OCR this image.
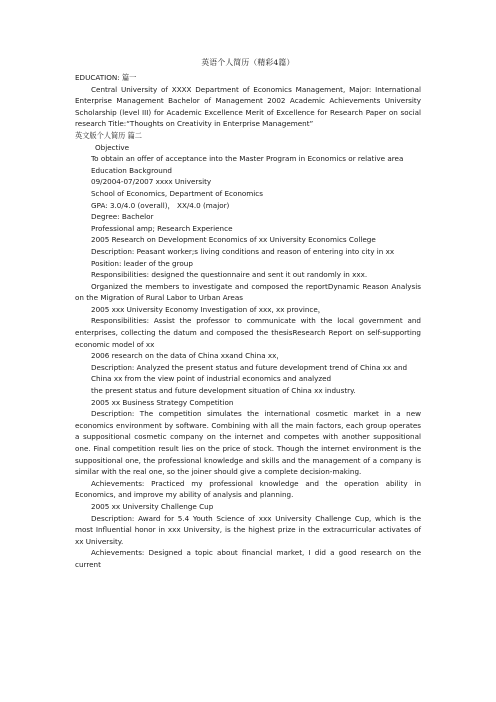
英语个人简历（精彩4篇）

EDUCATION: 篇一

Central University of XXXX Department of Economics Management, Major: International Enterprise Management Bachelor of Management 2002 Academic Achievements University Scholarship (level III) for Academic Excellence Merit of Excellence for Research Paper on social research Title:“Thoughts on Creativity in Enterprise Management”

英文版个人简历 篇二

Objective

To obtain an offer of acceptance into the Master Program in Economics or relative area

Education Background

09/2004-07/2007 xxxx University

School of Economics, Department of Economics

GPA: 3.0/4.0 (overall)， XX/4.0 (major)

Degree: Bachelor

Professional amp; Research Experience

2005 Research on Development Economics of xx University Economics College

Description: Peasant worker;s living conditions and reason of entering into city in xx

Position: leader of the group

Responsibilities: designed the questionnaire and sent it out randomly in xxx.

Organized the members to investigate and composed the reportDynamic Reason Analysis on the Migration of Rural Labor to Urban Areas

2005 xxx University Economy Investigation of xxx, xx province，

Responsibilities: Assist the professor to communicate with the local government and enterprises, collecting the datum and composed the thesisResearch Report on self-supporting economic model of xx

2006 research on the data of China xxand China xx，

Description: Analyzed the present status and future development trend of China xx and

China xx from the view point of industrial economics and analyzed

the present status and future development situation of China xx industry.

2005 xx Business Strategy Competition

Description: The competition simulates the international cosmetic market in a new economics environment by software. Combining with all the main factors, each group operates a suppositional cosmetic company on the internet and competes with another suppositional one. Final competition result lies on the price of stock. Though the internet environment is the suppositional one, the professional knowledge and skills and the management of a company is similar with the real one, so the joiner should give a complete decision-making.

Achievements: Practiced my professional knowledge and the operation ability in Economics, and improve my ability of analysis and planning.

2005 xx University Challenge Cup

Description: Award for 5.4 Youth Science of xxx University Challenge Cup, which is the most Influential honor in xxx University, is the highest prize in the extracurricular activates of xx University.

Achievements: Designed a topic about financial market, I did a good research on the current
